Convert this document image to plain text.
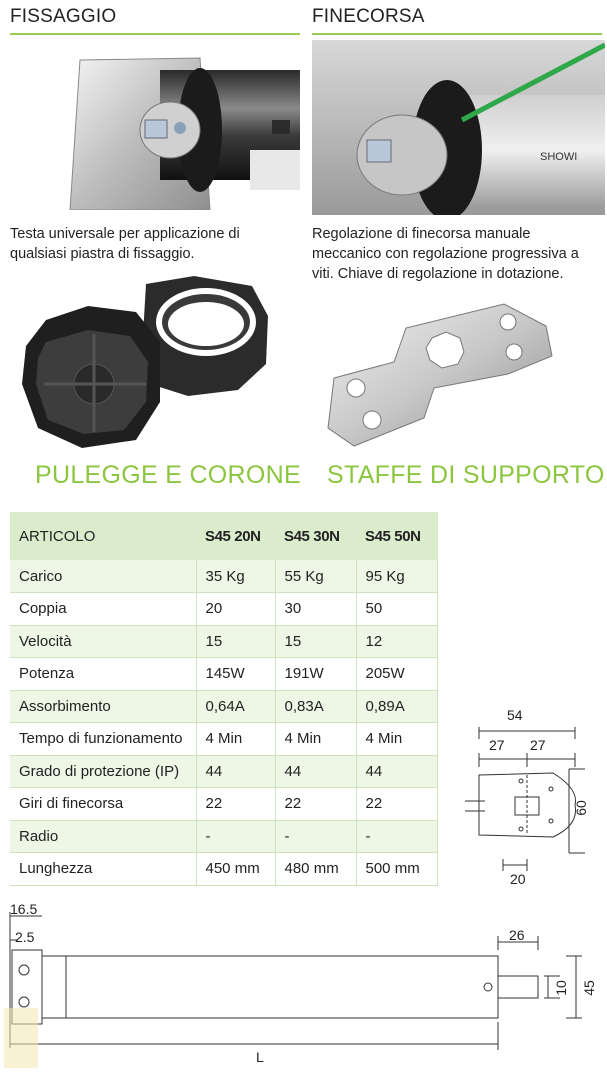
FISSAGGIO
Testa universale per applicazione di qualsiasi piastra di fissaggio.
FINECORSA
SHOWI
Regolazione di finecorsa manuale meccanico con regolazione progressiva a viti. Chiave di regolazione in dotazione.
PULEGGE E CORONE STAFFE DI SUPPORTO
ARTICOLO	S45 20N	S45 30N	S45 50N
Carico	35 Kg	55 Kg	95 Kg
Coppia	20	30	50
Velocità	15	15	12
Potenza	145W	191W	205W
Assorbimento	0,64A	0,83A	0,89A
Tempo di funzionamento	4 Min	4 Min	4 Min
Grado di protezione (IP)	44	44	44
Giri di finecorsa	22	22	22
Radio	-	-	-
Lunghezza	450 mm	480 mm	500 mm
54
27 27
60
20
16.5
2.5	26
10 45
L
